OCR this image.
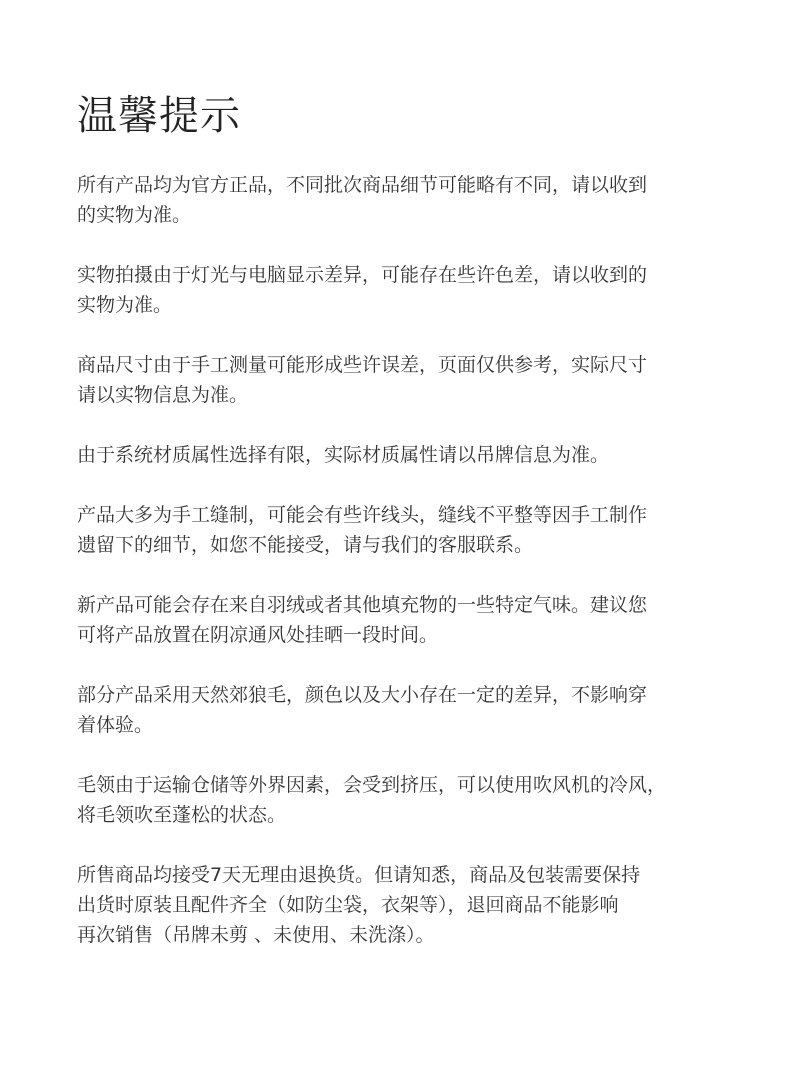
温馨提示

所有产品均为官方正品，不同批次商品细节可能略有不同，请以收到
的实物为准。

实物拍摄由于灯光与电脑显示差异，可能存在些许色差，请以收到的
实物为准。

商品尺寸由于手工测量可能形成些许误差，页面仅供参考，实际尺寸
请以实物信息为准。

由于系统材质属性选择有限，实际材质属性请以吊牌信息为准。

产品大多为手工缝制，可能会有些许线头，缝线不平整等因手工制作
遗留下的细节，如您不能接受，请与我们的客服联系。

新产品可能会存在来自羽绒或者其他填充物的一些特定气味。建议您
可将产品放置在阴凉通风处挂晒一段时间。

部分产品采用天然郊狼毛，颜色以及大小存在一定的差异，不影响穿
着体验。

毛领由于运输仓储等外界因素，会受到挤压，可以使用吹风机的冷风，
将毛领吹至蓬松的状态。

所售商品均接受7天无理由退换货。但请知悉，商品及包装需要保持
出货时原装且配件齐全（如防尘袋，衣架等），退回商品不能影响
再次销售（吊牌未剪 、未使用、未洗涤）。
